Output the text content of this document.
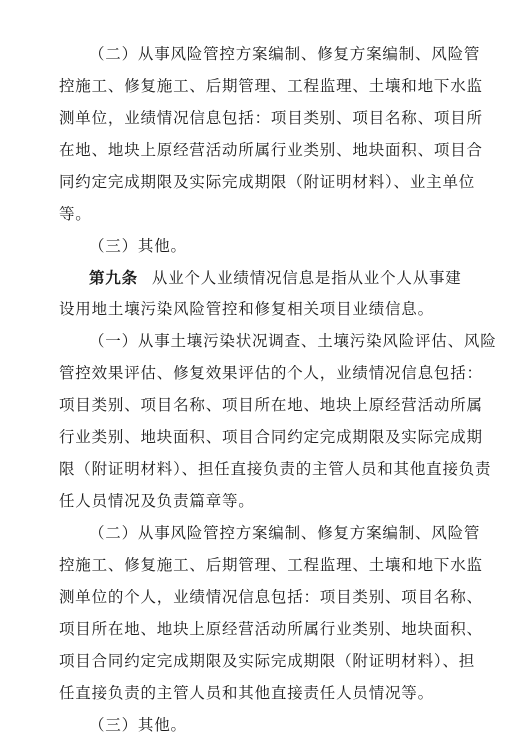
（二）从事风险管控方案编制、修复方案编制、风险管
控施工、修复施工、后期管理、工程监理、土壤和地下水监
测单位，业绩情况信息包括：项目类别、项目名称、项目所
在地、地块上原经营活动所属行业类别、地块面积、项目合
同约定完成期限及实际完成期限（附证明材料）、业主单位
等。
（三）其他。
第九条 从业个人业绩情况信息是指从业个人从事建
设用地土壤污染风险管控和修复相关项目业绩信息。
（一）从事土壤污染状况调查、土壤污染风险评估、风险
管控效果评估、修复效果评估的个人，业绩情况信息包括：
项目类别、项目名称、项目所在地、地块上原经营活动所属
行业类别、地块面积、项目合同约定完成期限及实际完成期
限（附证明材料）、担任直接负责的主管人员和其他直接负责
任人员情况及负责篇章等。
（二）从事风险管控方案编制、修复方案编制、风险管
控施工、修复施工、后期管理、工程监理、土壤和地下水监
测单位的个人，业绩情况信息包括：项目类别、项目名称、
项目所在地、地块上原经营活动所属行业类别、地块面积、
项目合同约定完成期限及实际完成期限（附证明材料）、担
任直接负责的主管人员和其他直接责任人员情况等。
（三）其他。
